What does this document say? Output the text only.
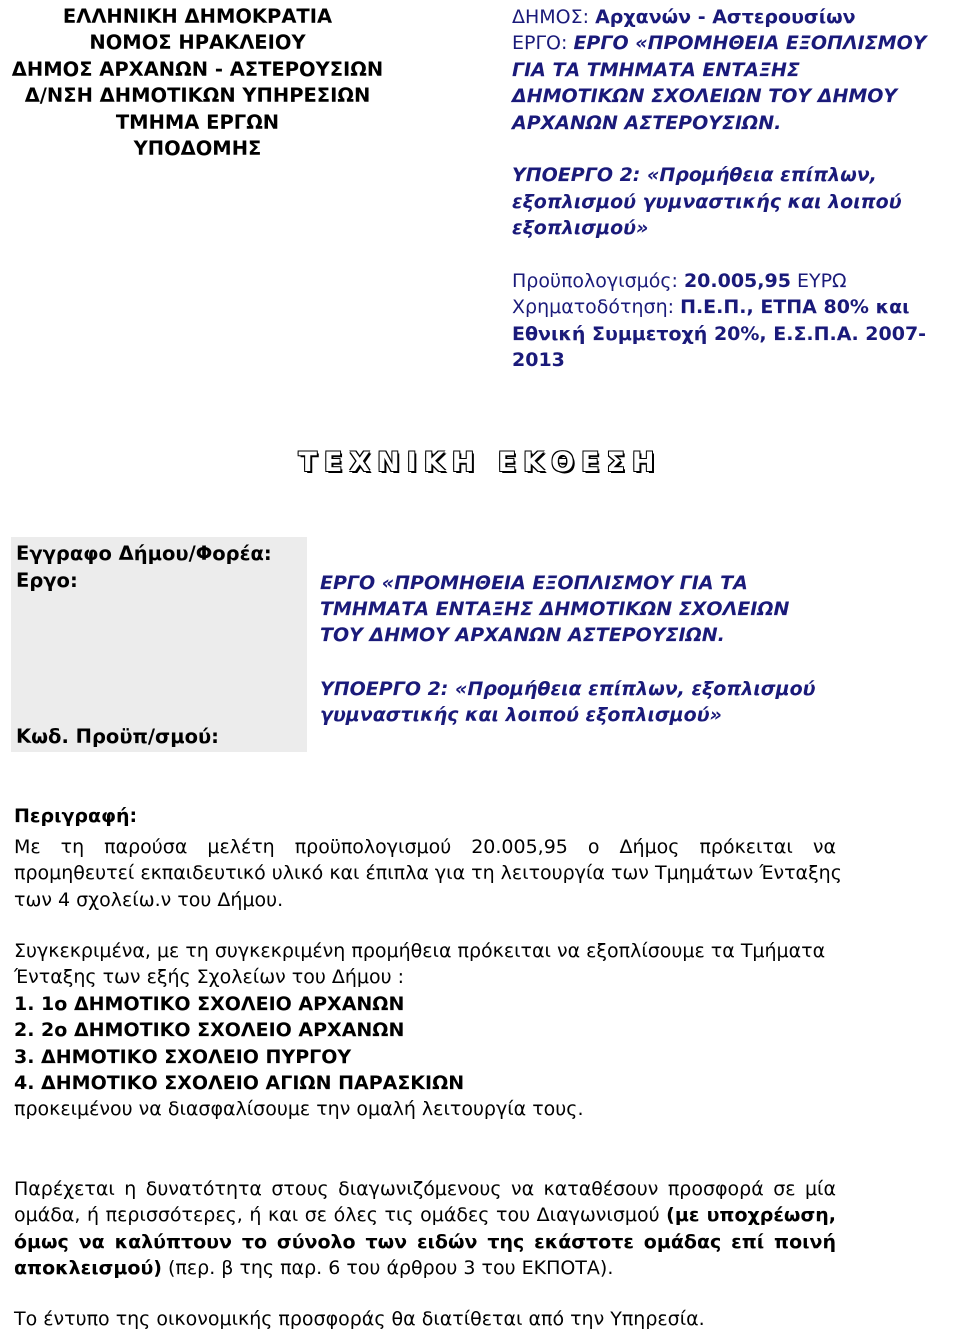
ΕΛΛΗΝΙΚΗ ΔΗΜΟΚΡΑΤΙΑ
ΝΟΜΟΣ ΗΡΑΚΛΕΙΟΥ
ΔΗΜΟΣ ΑΡΧΑΝΩΝ - ΑΣΤΕΡΟΥΣΙΩΝ
Δ/ΝΣΗ ΔΗΜΟΤΙΚΩΝ ΥΠΗΡΕΣΙΩΝ
ΤΜΗΜΑ ΕΡΓΩΝ
ΥΠΟΔΟΜΗΣ
ΔΗΜΟΣ: Αρχανών - Αστερουσίων
ΕΡΓΟ: ΕΡΓΟ «ΠΡΟΜΗΘΕΙΑ ΕΞΟΠΛΙΣΜΟΥ
ΓΙΑ ΤΑ ΤΜΗΜΑΤΑ ΕΝΤΑΞΗΣ
ΔΗΜΟΤΙΚΩΝ ΣΧΟΛΕΙΩΝ ΤΟΥ ΔΗΜΟΥ
ΑΡΧΑΝΩΝ ΑΣΤΕΡΟΥΣΙΩΝ.
ΥΠΟΕΡΓΟ 2: «Προμήθεια επίπλων,
εξοπλισμού γυμναστικής και λοιπού
εξοπλισμού»
Προϋπολογισμός: 20.005,95 ΕΥΡΩ
Χρηματοδότηση: Π.Ε.Π., ΕΤΠΑ 80% και
Εθνική Συμμετοχή 20%, Ε.Σ.Π.Α. 2007-
2013
ΤΕΧΝΙΚΗ ΕΚΘΕΣΗ
Εγγραφο Δήμου/Φορέα:
Εργο:
Κωδ. Προϋπ/σμού:
ΕΡΓΟ «ΠΡΟΜΗΘΕΙΑ ΕΞΟΠΛΙΣΜΟΥ ΓΙΑ ΤΑ
ΤΜΗΜΑΤΑ ΕΝΤΑΞΗΣ ΔΗΜΟΤΙΚΩΝ ΣΧΟΛΕΙΩΝ
ΤΟΥ ΔΗΜΟΥ ΑΡΧΑΝΩΝ ΑΣΤΕΡΟΥΣΙΩΝ.
ΥΠΟΕΡΓΟ 2: «Προμήθεια επίπλων, εξοπλισμού
γυμναστικής και λοιπού εξοπλισμού»
Περιγραφή:
Με τη παρούσα μελέτη προϋπολογισμού 20.005,95 ο Δήμος πρόκειται να
προμηθευτεί εκπαιδευτικό υλικό και έπιπλα για τη λειτουργία των Τμημάτων Ένταξης
των 4 σχολείω.ν του Δήμου.
Συγκεκριμένα, με τη συγκεκριμένη προμήθεια πρόκειται να εξοπλίσουμε τα Τμήματα
Ένταξης των εξής Σχολείων του Δήμου :
1. 1ο ΔΗΜΟΤΙΚΟ ΣΧΟΛΕΙΟ ΑΡΧΑΝΩΝ
2. 2ο ΔΗΜΟΤΙΚΟ ΣΧΟΛΕΙΟ ΑΡΧΑΝΩΝ
3. ΔΗΜΟΤΙΚΟ ΣΧΟΛΕΙΟ ΠΥΡΓΟΥ
4. ΔΗΜΟΤΙΚΟ ΣΧΟΛΕΙΟ ΑΓΙΩΝ ΠΑΡΑΣΚΙΩΝ
προκειμένου να διασφαλίσουμε την ομαλή λειτουργία τους.
Παρέχεται η δυνατότητα στους διαγωνιζόμενους να καταθέσουν προσφορά σε μία
ομάδα, ή περισσότερες, ή και σε όλες τις ομάδες του Διαγωνισμού (με υποχρέωση,
όμως να καλύπτουν το σύνολο των ειδών της εκάστοτε ομάδας επί ποινή
αποκλεισμού) (περ. β της παρ. 6 του άρθρου 3 του ΕΚΠΟΤΑ).
Το έντυπο της οικονομικής προσφοράς θα διατίθεται από την Υπηρεσία.
